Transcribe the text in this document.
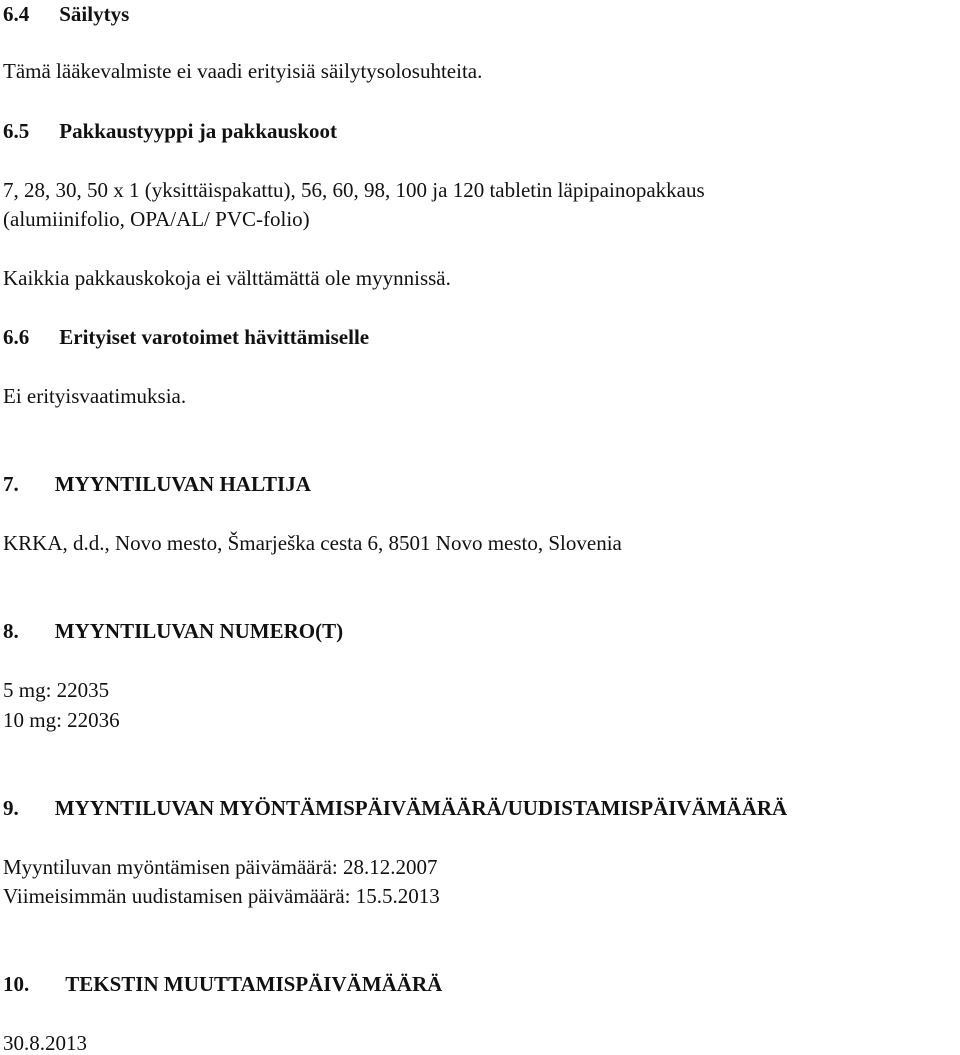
6.4 Säilytys
Tämä lääkevalmiste ei vaadi erityisiä säilytysolosuhteita.
6.5 Pakkaustyyppi ja pakkauskoot
7, 28, 30, 50 x 1 (yksittäispakattu), 56, 60, 98, 100 ja 120 tabletin läpipainopakkaus
(alumiinifolio, OPA/AL/ PVC-folio)
Kaikkia pakkauskokoja ei välttämättä ole myynnissä.
6.6 Erityiset varotoimet hävittämiselle
Ei erityisvaatimuksia.
7. MYYNTILUVAN HALTIJA
KRKA, d.d., Novo mesto, Šmarješka cesta 6, 8501 Novo mesto, Slovenia
8. MYYNTILUVAN NUMERO(T)
5 mg: 22035
10 mg: 22036
9. MYYNTILUVAN MYÖNTÄMISPÄIVÄMÄÄRÄ/UUDISTAMISPÄIVÄMÄÄRÄ
Myyntiluvan myöntämisen päivämäärä: 28.12.2007
Viimeisimmän uudistamisen päivämäärä: 15.5.2013
10. TEKSTIN MUUTTAMISPÄIVÄMÄÄRÄ
30.8.2013
